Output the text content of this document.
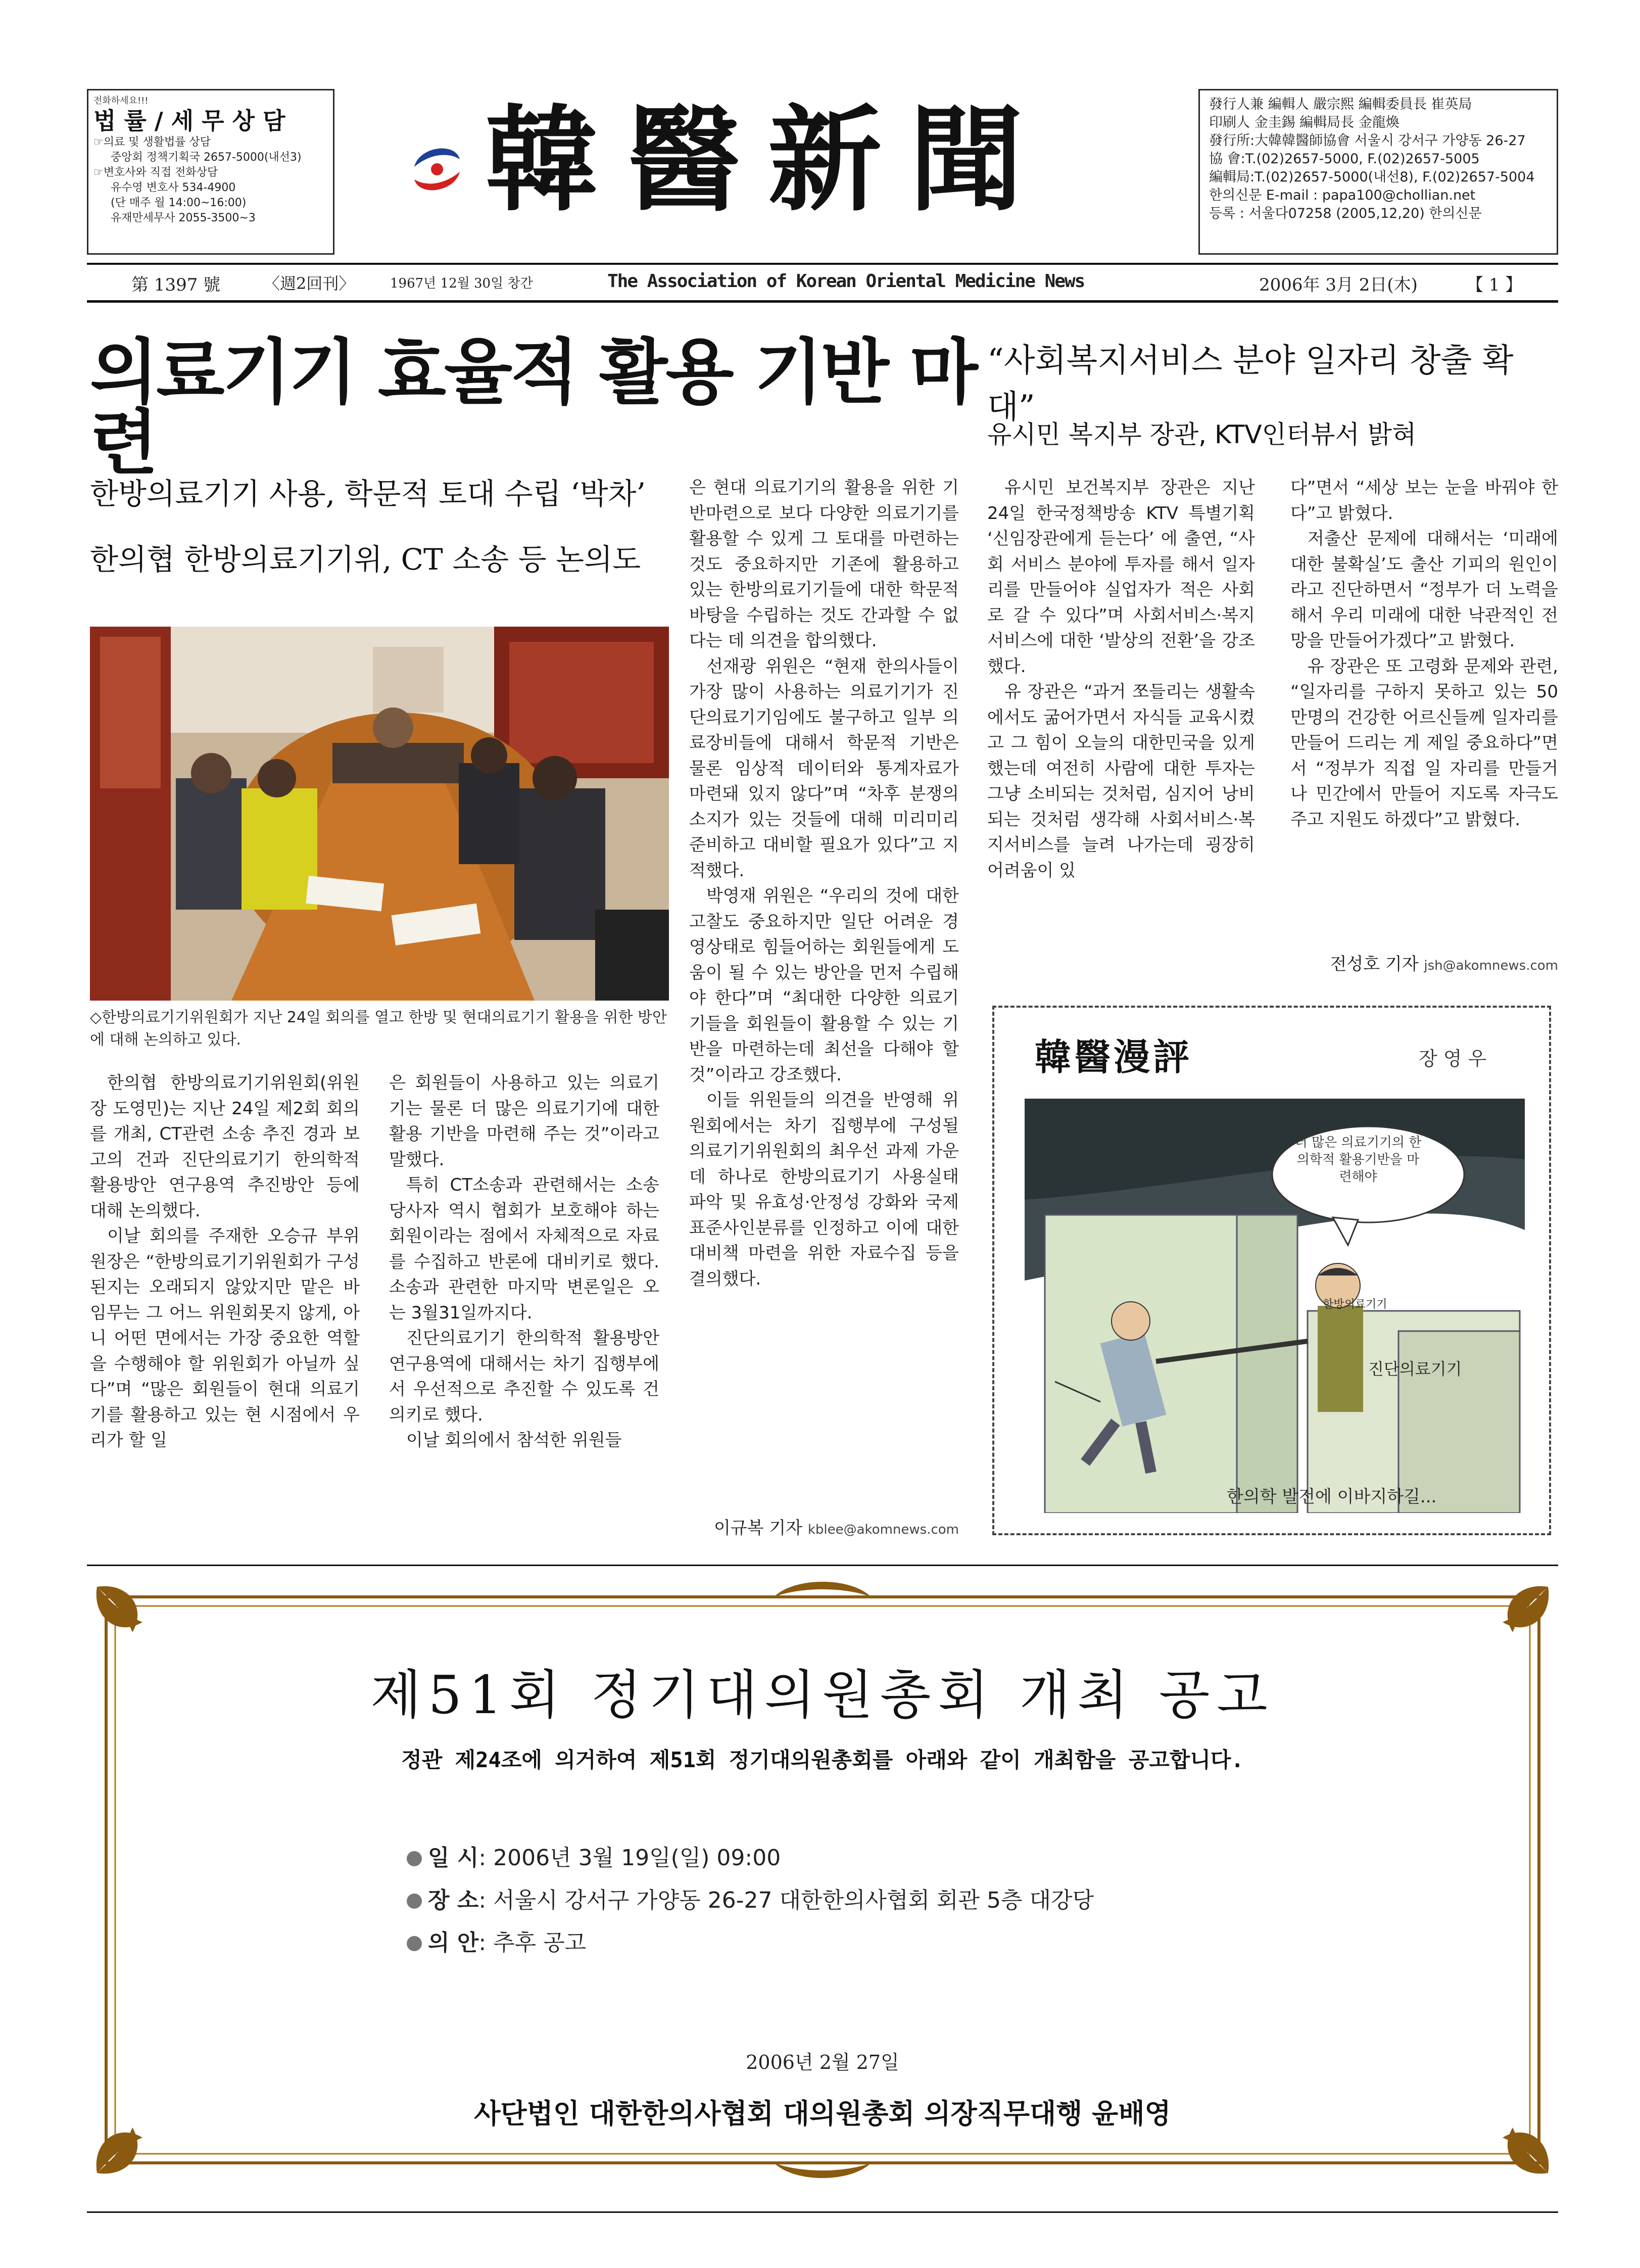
전화하세요!!!
법 률 / 세 무 상 담
☞의료 및 생활법률 상담
중앙회 정책기획국 2657-5000(내선3)
☞변호사와 직접 전화상담
유수영 변호사 534-4900
(단 매주 월 14:00~16:00)
유재만세무사 2055-3500~3	韓醫新聞	發行人兼 編輯人 嚴宗熙 編輯委員長 崔英局
印刷人 金圭錫 編輯局長 金龍煥
發行所:大韓韓醫師協會 서울시 강서구 가양동 26-27
協 會:T.(02)2657-5000, F.(02)2657-5005
編輯局:T.(02)2657-5000(내선8), F.(02)2657-5004
한의신문 E-mail : papa100@chollian.net
등록 : 서울다07258 (2005,12,20) 한의신문
第 1397 號	〈週2回刊〉	1967년 12월 30일 창간	The Association of Korean Oriental Medicine News	2006年 3月 2日(木)	【 1 】
의료기기 효율적 활용 기반 마련
한방의료기기 사용, 학문적 토대 수립 ‘박차’
한의협 한방의료기기위, CT 소송 등 논의도
◇한방의료기기위원회가 지난 24일 회의를 열고 한방 및 현대의료기기 활용을 위한 방안에 대해 논의하고 있다.

한의협 한방의료기기위원회(위원장 도영민)는 지난 24일 제2회 회의를 개최, CT관련 소송 추진 경과 보고의 건과 진단의료기기 한의학적 활용방안 연구용역 추진방안 등에 대해 논의했다.

이날 회의를 주재한 오승규 부위원장은 “한방의료기기위원회가 구성 된지는 오래되지 않았지만 맡은 바 임무는 그 어느 위원회못지 않게, 아니 어떤 면에서는 가장 중요한 역할을 수행해야 할 위원회가 아닐까 싶다”며 “많은 회원들이 현대 의료기기를 활용하고 있는 현 시점에서 우리가 할 일

은 회원들이 사용하고 있는 의료기기는 물론 더 많은 의료기기에 대한 활용 기반을 마련해 주는 것”이라고 말했다.

특히 CT소송과 관련해서는 소송당사자 역시 협회가 보호해야 하는 회원이라는 점에서 자체적으로 자료를 수집하고 반론에 대비키로 했다. 소송과 관련한 마지막 변론일은 오는 3월31일까지다.

진단의료기기 한의학적 활용방안 연구용역에 대해서는 차기 집행부에서 우선적으로 추진할 수 있도록 건의키로 했다.

이날 회의에서 참석한 위원들

은 현대 의료기기의 활용을 위한 기반마련으로 보다 다양한 의료기기를 활용할 수 있게 그 토대를 마련하는 것도 중요하지만 기존에 활용하고 있는 한방의료기기들에 대한 학문적 바탕을 수립하는 것도 간과할 수 없다는 데 의견을 합의했다.

선재광 위원은 “현재 한의사들이 가장 많이 사용하는 의료기기가 진단의료기기임에도 불구하고 일부 의료장비들에 대해서 학문적 기반은 물론 임상적 데이터와 통계자료가 마련돼 있지 않다”며 “차후 분쟁의 소지가 있는 것들에 대해 미리미리 준비하고 대비할 필요가 있다”고 지적했다.

박영재 위원은 “우리의 것에 대한 고찰도 중요하지만 일단 어려운 경영상태로 힘들어하는 회원들에게 도움이 될 수 있는 방안을 먼저 수립해야 한다”며 “최대한 다양한 의료기기들을 회원들이 활용할 수 있는 기반을 마련하는데 최선을 다해야 할 것”이라고 강조했다.

이들 위원들의 의견을 반영해 위원회에서는 차기 집행부에 구성될 의료기기위원회의 최우선 과제 가운데 하나로 한방의료기기 사용실태 파악 및 유효성·안정성 강화와 국제표준사인분류를 인정하고 이에 대한 대비책 마련을 위한 자료수집 등을 결의했다.

이규복 기자 kblee@akomnews.com
“사회복지서비스 분야 일자리 창출 확대”
유시민 복지부 장관, KTV인터뷰서 밝혀

유시민 보건복지부 장관은 지난 24일 한국정책방송 KTV 특별기획 ‘신임장관에게 듣는다’ 에 출연, “사회 서비스 분야에 투자를 해서 일자리를 만들어야 실업자가 적은 사회로 갈 수 있다”며 사회서비스·복지 서비스에 대한 ‘발상의 전환’을 강조했다.

유 장관은 “과거 쪼들리는 생활속에서도 굶어가면서 자식들 교육시켰고 그 힘이 오늘의 대한민국을 있게 했는데 여전히 사람에 대한 투자는 그냥 소비되는 것처럼, 심지어 낭비되는 것처럼 생각해 사회서비스·복지서비스를 늘려 나가는데 굉장히 어려움이 있

다”면서 “세상 보는 눈을 바꿔야 한다”고 밝혔다.

저출산 문제에 대해서는 ‘미래에 대한 불확실’도 출산 기피의 원인이라고 진단하면서 “정부가 더 노력을 해서 우리 미래에 대한 낙관적인 전망을 만들어가겠다”고 밝혔다.

유 장관은 또 고령화 문제와 관련, “일자리를 구하지 못하고 있는 50만명의 건강한 어르신들께 일자리를 만들어 드리는 게 제일 중요하다”면서 “정부가 직접 일 자리를 만들거나 민간에서 만들어 지도록 자극도 주고 지원도 하겠다”고 밝혔다.

전성호 기자 jsh@akomnews.com
韓醫漫評	장 영 우
더 많은 의료기기의 한의학적 활용기반을 마련해야
한방의료기기
진단의료기기
한의학 발전에 이바지하길...
제51회 정기대의원총회 개최 공고
정관 제24조에 의거하여 제51회 정기대의원총회를 아래와 같이 개최함을 공고합니다.
일 시: 2006년 3월 19일(일) 09:00
장 소: 서울시 강서구 가양동 26-27 대한한의사협회 회관 5층 대강당
의 안: 추후 공고
2006년 2월 27일
사단법인 대한한의사협회 대의원총회 의장직무대행 윤배영
